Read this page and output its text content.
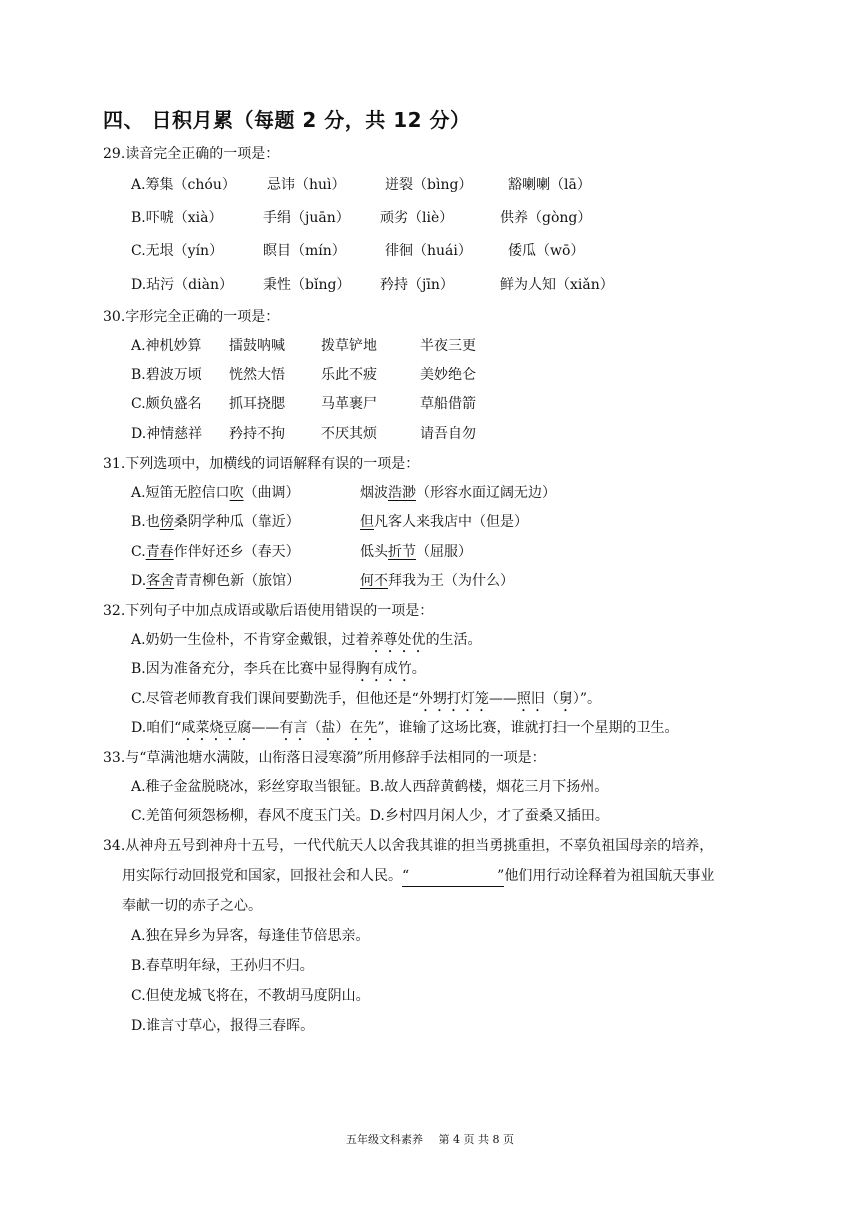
四、 日积月累（每题 2 分，共 12 分）
29.读音完全正确的一项是：
A.筹集（chóu） 忌讳（huì）	迸裂（bìng）	豁喇喇（lā）
B.吓唬（xià）	手绢（juān） 顽劣（liè）	供养（gòng）
C.无垠（yín）	瞑目（mín）	徘徊（huái）	倭瓜（wō）
D.玷污（diàn） 秉性（bǐng） 矜持（jīn）	鲜为人知（xiǎn）
30.字形完全正确的一项是：
A.神机妙算 擂鼓呐喊	拨草铲地	半夜三更
B.碧波万顷 恍然大悟	乐此不疲	美妙绝仑
C.颇负盛名 抓耳挠腮	马革裹尸	草船借箭
D.神情慈祥 矜持不拘	不厌其烦	请吾自勿
31.下列选项中，加横线的词语解释有误的一项是：
A.短笛无腔信口吹（曲调）	烟波浩渺（形容水面辽阔无边）
B.也傍桑阴学种瓜（靠近）	但凡客人来我店中（但是）
C.青春作伴好还乡（春天）	低头折节（屈服）
D.客舍青青柳色新（旅馆）	何不拜我为王（为什么）
32.下列句子中加点成语或歇后语使用错误的一项是：
A.奶奶一生俭朴，不肯穿金戴银，过着养尊处优的生活。
B.因为准备充分，李兵在比赛中显得胸有成竹。
C.尽管老师教育我们课间要勤洗手，但他还是“外甥打灯笼——照旧（舅）”。
D.咱们“咸菜烧豆腐——有言（盐）在先”，谁输了这场比赛，谁就打扫一个星期的卫生。
33.与“草满池塘水满陂，山衔落日浸寒漪”所用修辞手法相同的一项是：
A.稚子金盆脱晓冰，彩丝穿取当银钲。B.故人西辞黄鹤楼，烟花三月下扬州。
C.羌笛何须怨杨柳，春风不度玉门关。D.乡村四月闲人少，才了蚕桑又插田。
34.从神舟五号到神舟十五号，一代代航天人以舍我其谁的担当勇挑重担，不辜负祖国母亲的培养，
用实际行动回报党和国家，回报社会和人民。“	”他们用行动诠释着为祖国航天事业
奉献一切的赤子之心。
A.独在异乡为异客，每逢佳节倍思亲。
B.春草明年绿，王孙归不归。
C.但使龙城飞将在，不教胡马度阴山。
D.谁言寸草心，报得三春晖。
五年级文科素养 第 4 页 共 8 页
